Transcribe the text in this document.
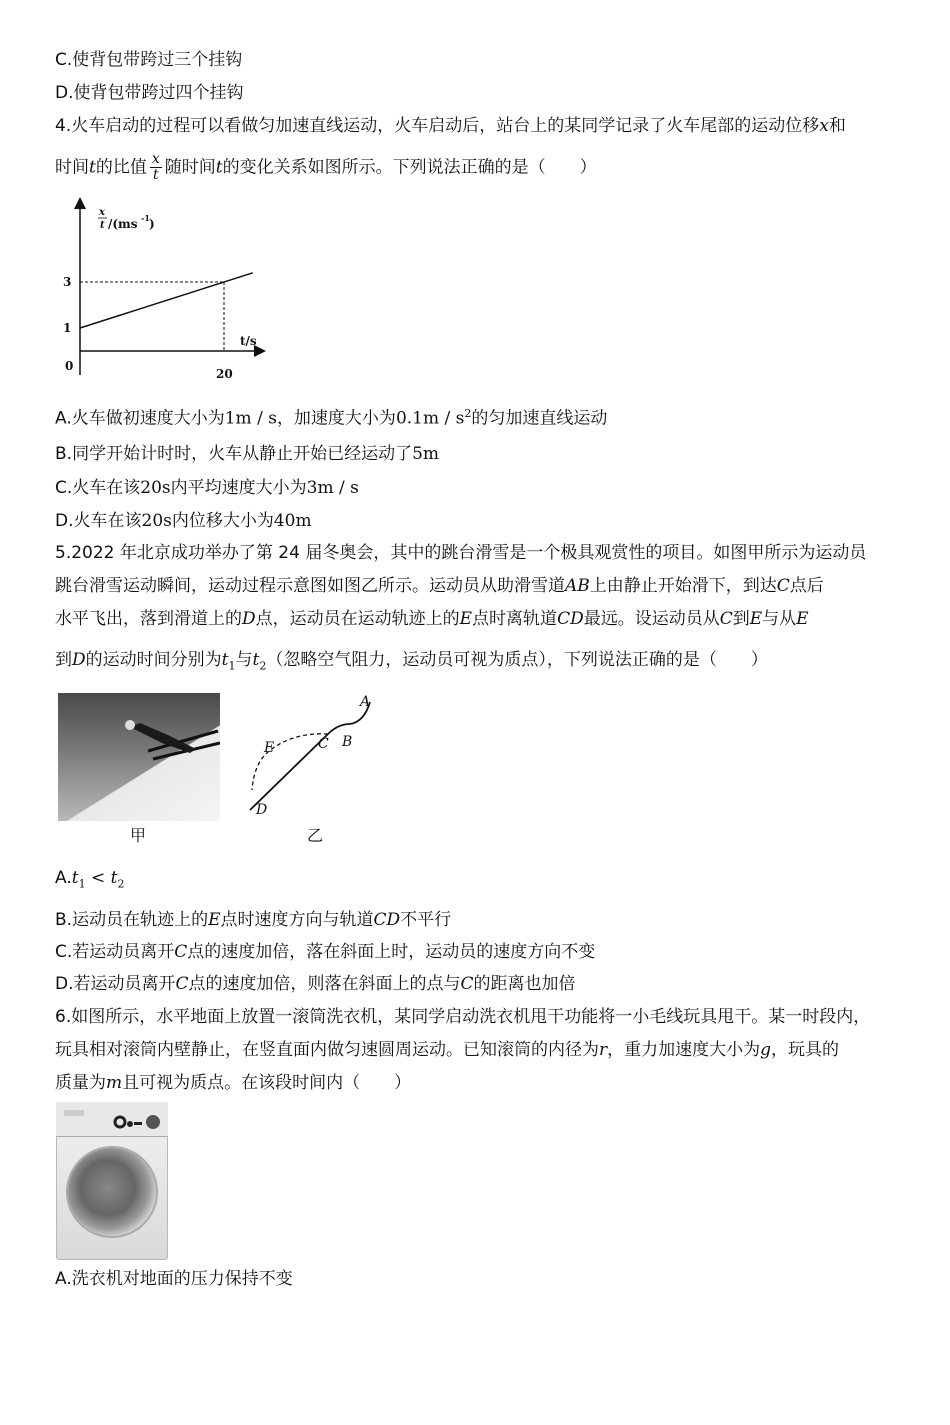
C.使背包带跨过三个挂钩
D.使背包带跨过四个挂钩
4.火车启动的过程可以看做匀加速直线运动，火车启动后，站台上的某同学记录了火车尾部的运动位移x和
时间t的比值 $\frac{x}{t}$ 随时间t的变化关系如图所示。下列说法正确的是（　　）
x
t /(ms -1 )
t/s
0
1
3
20
A.火车做初速度大小为1m / s，加速度大小为$0.1m / s^2$的匀加速直线运动
B.同学开始计时时，火车从静止开始已经运动了5m
C.火车在该20s内平均速度大小为3m / s
D.火车在该20s内位移大小为40m
5.2022 年北京成功举办了第 24 届冬奥会，其中的跳台滑雪是一个极具观赏性的项目。如图甲所示为运动员
跳台滑雪运动瞬间，运动过程示意图如图乙所示。运动员从助滑雪道AB上由静止开始滑下，到达C点后
水平飞出，落到滑道上的D点，运动员在运动轨迹上的E点时离轨道CD最远。设运动员从C到E与从E
到D的运动时间分别为$t_1$与$t_2$（忽略空气阻力，运动员可视为质点），下列说法正确的是（　　）
甲
A
B
C
D
E
乙
$A.t_1 < t_2$
B.运动员在轨迹上的E点时速度方向与轨道CD不平行
C.若运动员离开C点的速度加倍，落在斜面上时，运动员的速度方向不变
D.若运动员离开C点的速度加倍，则落在斜面上的点与C的距离也加倍
6.如图所示，水平地面上放置一滚筒洗衣机，某同学启动洗衣机甩干功能将一小毛线玩具甩干。某一时段内，
玩具相对滚筒内壁静止，在竖直面内做匀速圆周运动。已知滚筒的内径为r，重力加速度大小为g，玩具的
质量为m且可视为质点。在该段时间内（　　）
A.洗衣机对地面的压力保持不变
